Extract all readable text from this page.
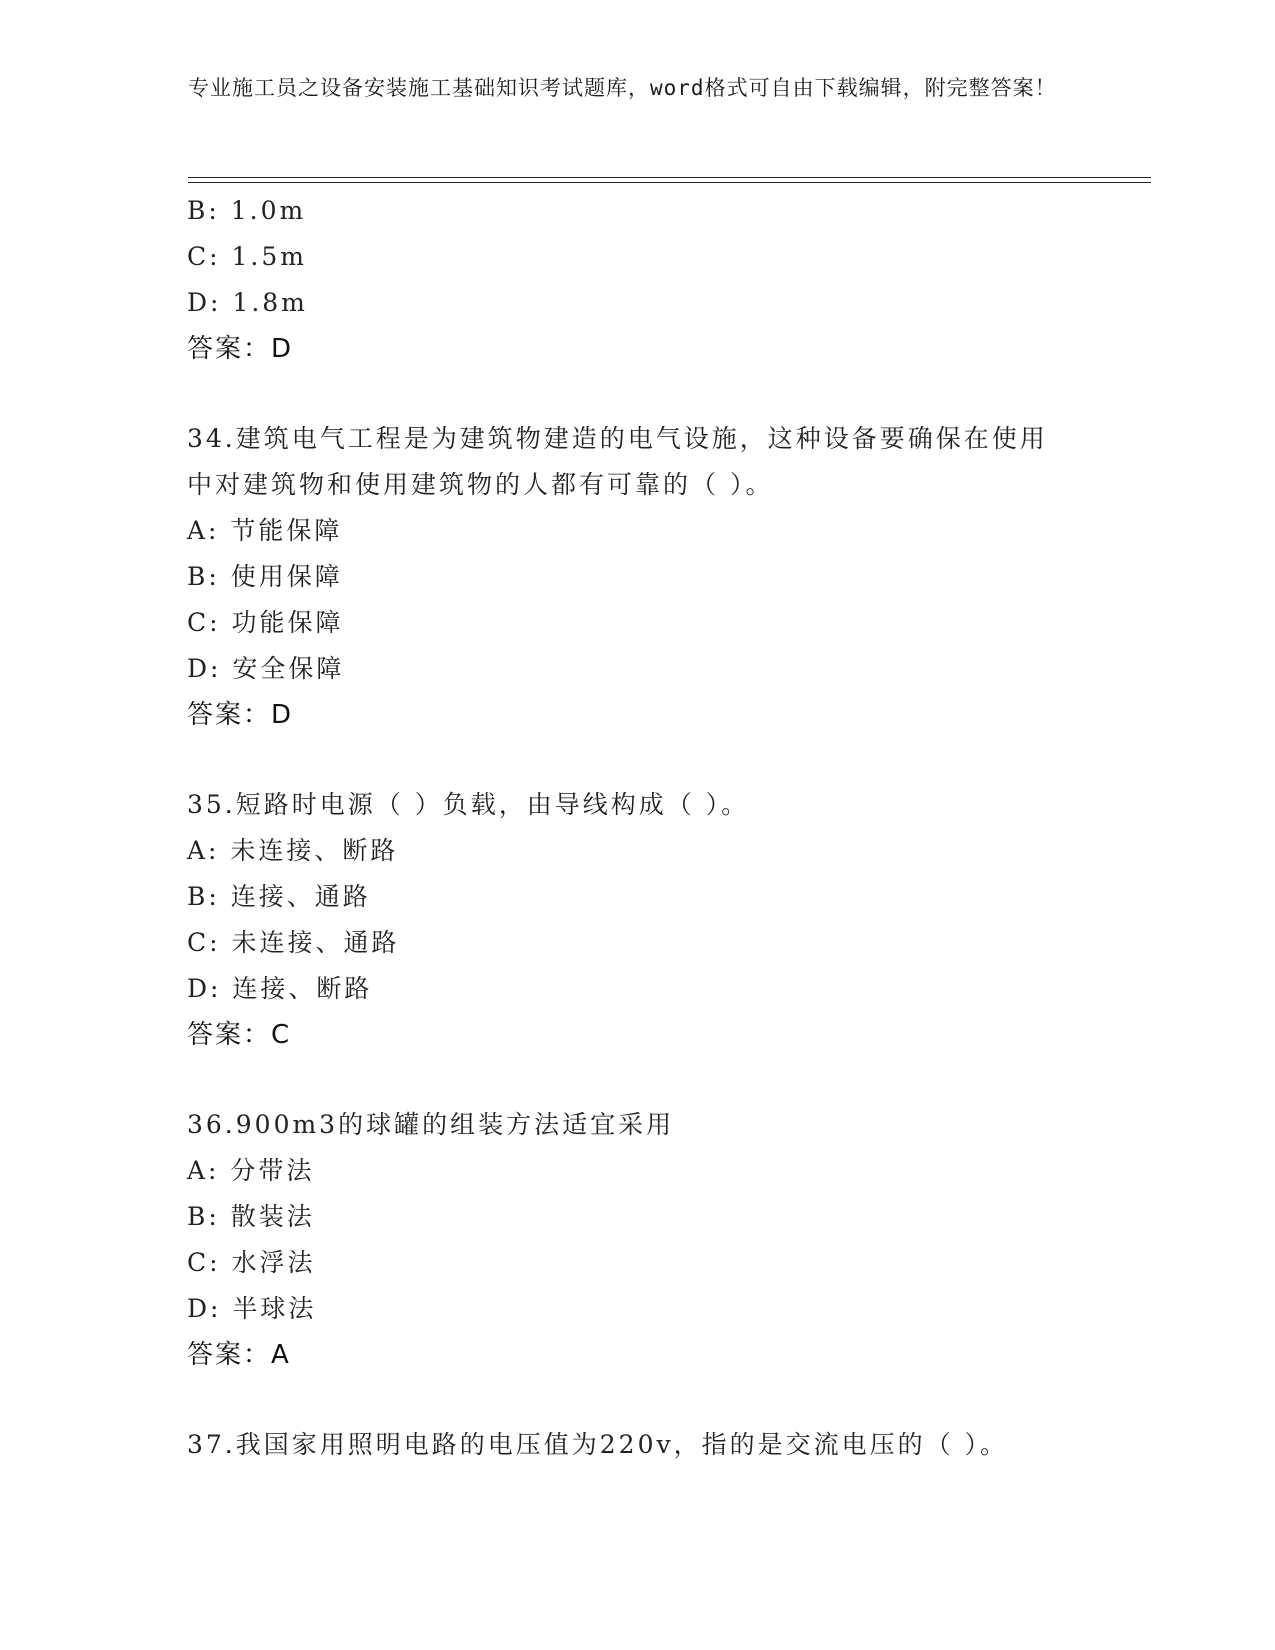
专业施工员之设备安装施工基础知识考试题库，word格式可自由下载编辑，附完整答案！
B: 1.0m
C: 1.5m
D: 1.8m
答案：D
34.建筑电气工程是为建筑物建造的电气设施，这种设备要确保在使用中对建筑物和使用建筑物的人都有可靠的（ ）。
A: 节能保障
B: 使用保障
C: 功能保障
D: 安全保障
答案：D
35.短路时电源（ ）负载，由导线构成（ ）。
A: 未连接、断路
B: 连接、通路
C: 未连接、通路
D: 连接、断路
答案：C
36.900m3的球罐的组装方法适宜采用
A: 分带法
B: 散装法
C: 水浮法
D: 半球法
答案：A
37.我国家用照明电路的电压值为220v，指的是交流电压的（ ）。
